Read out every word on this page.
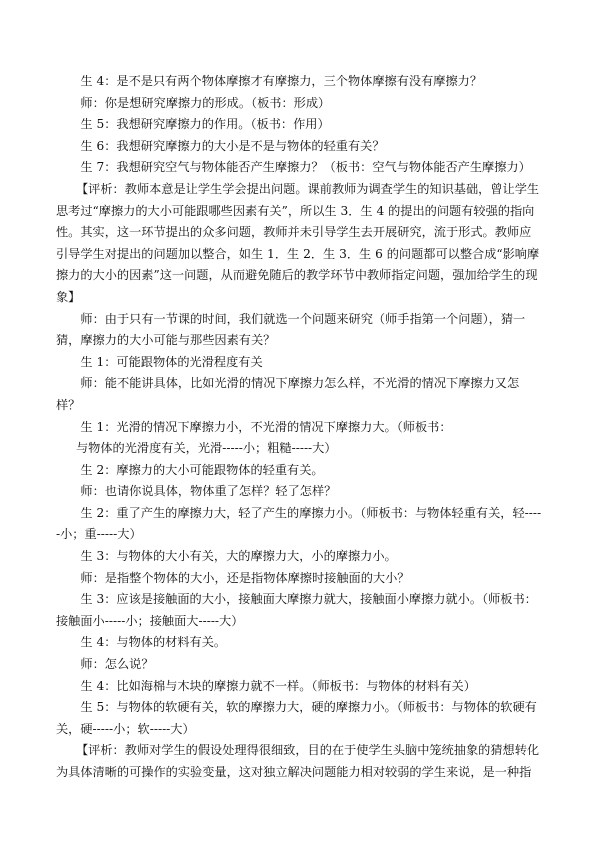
生 4：是不是只有两个物体摩擦才有摩擦力，三个物体摩擦有没有摩擦力？

师：你是想研究摩擦力的形成。（板书：形成）

生 5：我想研究摩擦力的作用。（板书：作用）

生 6：我想研究摩擦力的大小是不是与物体的轻重有关？

生 7：我想研究空气与物体能否产生摩擦力？（板书：空气与物体能否产生摩擦力）

【评析：教师本意是让学生学会提出问题。课前教师为调查学生的知识基础，曾让学生思考过“摩擦力的大小可能跟哪些因素有关”，所以生 3．生 4 的提出的问题有较强的指向性。其实，这一环节提出的众多问题，教师并未引导学生去开展研究，流于形式。教师应引导学生对提出的问题加以整合，如生 1．生 2．生 3．生 6 的问题都可以整合成“影响摩擦力的大小的因素”这一问题，从而避免随后的教学环节中教师指定问题，强加给学生的现象】

师：由于只有一节课的时间，我们就选一个问题来研究（师手指第一个问题），猜一猜，摩擦力的大小可能与那些因素有关？

生 1：可能跟物体的光滑程度有关

师：能不能讲具体，比如光滑的情况下摩擦力怎么样，不光滑的情况下摩擦力又怎样？

生 1：光滑的情况下摩擦力小，不光滑的情况下摩擦力大。（师板书：

与物体的光滑度有关，光滑-----小；粗糙-----大）

生 2：摩擦力的大小可能跟物体的轻重有关。

师：也请你说具体，物体重了怎样？轻了怎样？

生 2：重了产生的摩擦力大，轻了产生的摩擦力小。（师板书：与物体轻重有关，轻-----小；重-----大）

生 3：与物体的大小有关，大的摩擦力大，小的摩擦力小。

师：是指整个物体的大小，还是指物体摩擦时接触面的大小？

生 3：应该是接触面的大小，接触面大摩擦力就大，接触面小摩擦力就小。（师板书：接触面小-----小；接触面大-----大）

生 4：与物体的材料有关。

师：怎么说？

生 4：比如海棉与木块的摩擦力就不一样。（师板书：与物体的材料有关）

生 5：与物体的软硬有关，软的摩擦力大，硬的摩擦力小。（师板书：与物体的软硬有关，硬-----小；软-----大）

【评析：教师对学生的假设处理得很细致，目的在于使学生头脑中笼统抽象的猜想转化为具体清晰的可操作的实验变量，这对独立解决问题能力相对较弱的学生来说，是一种指
